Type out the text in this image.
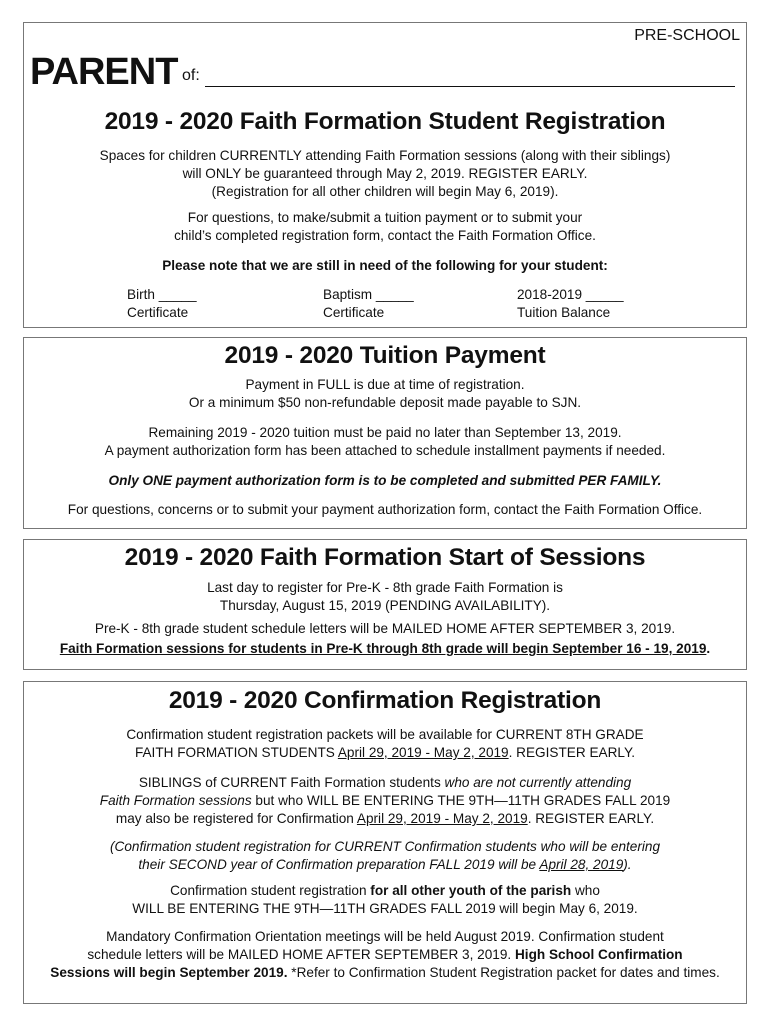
PRE-SCHOOL
PARENT of:
2019 - 2020 Faith Formation Student Registration

Spaces for children CURRENTLY attending Faith Formation sessions (along with their siblings)

will ONLY be guaranteed through May 2, 2019. REGISTER EARLY.

(Registration for all other children will begin May 6, 2019).

For questions, to make/submit a tuition payment or to submit your

child’s completed registration form, contact the Faith Formation Office.

Please note that we are still in need of the following for your student:
Birth _____
Certificate
Baptism _____
Certificate
2018-2019 _____
Tuition Balance
2019 - 2020 Tuition Payment

Payment in FULL is due at time of registration.

Or a minimum $50 non-refundable deposit made payable to SJN.

Remaining 2019 - 2020 tuition must be paid no later than September 13, 2019.

A payment authorization form has been attached to schedule installment payments if needed.

Only ONE payment authorization form is to be completed and submitted PER FAMILY.
For questions, concerns or to submit your payment authorization form, contact the Faith Formation Office.
2019 - 2020 Faith Formation Start of Sessions

Last day to register for Pre-K - 8th grade Faith Formation is

Thursday, August 15, 2019 (PENDING AVAILABILITY).

Pre-K - 8th grade student schedule letters will be MAILED HOME AFTER SEPTEMBER 3, 2019.
Faith Formation sessions for students in Pre-K through 8th grade will begin September 16 - 19, 2019.
2019 - 2020 Confirmation Registration

Confirmation student registration packets will be available for CURRENT 8TH GRADE

FAITH FORMATION STUDENTS April 29, 2019 - May 2, 2019. REGISTER EARLY.

SIBLINGS of CURRENT Faith Formation students who are not currently attending

Faith Formation sessions but who WILL BE ENTERING THE 9TH—11TH GRADES FALL 2019

may also be registered for Confirmation April 29, 2019 - May 2, 2019. REGISTER EARLY.

(Confirmation student registration for CURRENT Confirmation students who will be entering

their SECOND year of Confirmation preparation FALL 2019 will be April 28, 2019).

Confirmation student registration for all other youth of the parish who

WILL BE ENTERING THE 9TH—11TH GRADES FALL 2019 will begin May 6, 2019.

Mandatory Confirmation Orientation meetings will be held August 2019. Confirmation student

schedule letters will be MAILED HOME AFTER SEPTEMBER 3, 2019. High School Confirmation

Sessions will begin September 2019. *Refer to Confirmation Student Registration packet for dates and times.
